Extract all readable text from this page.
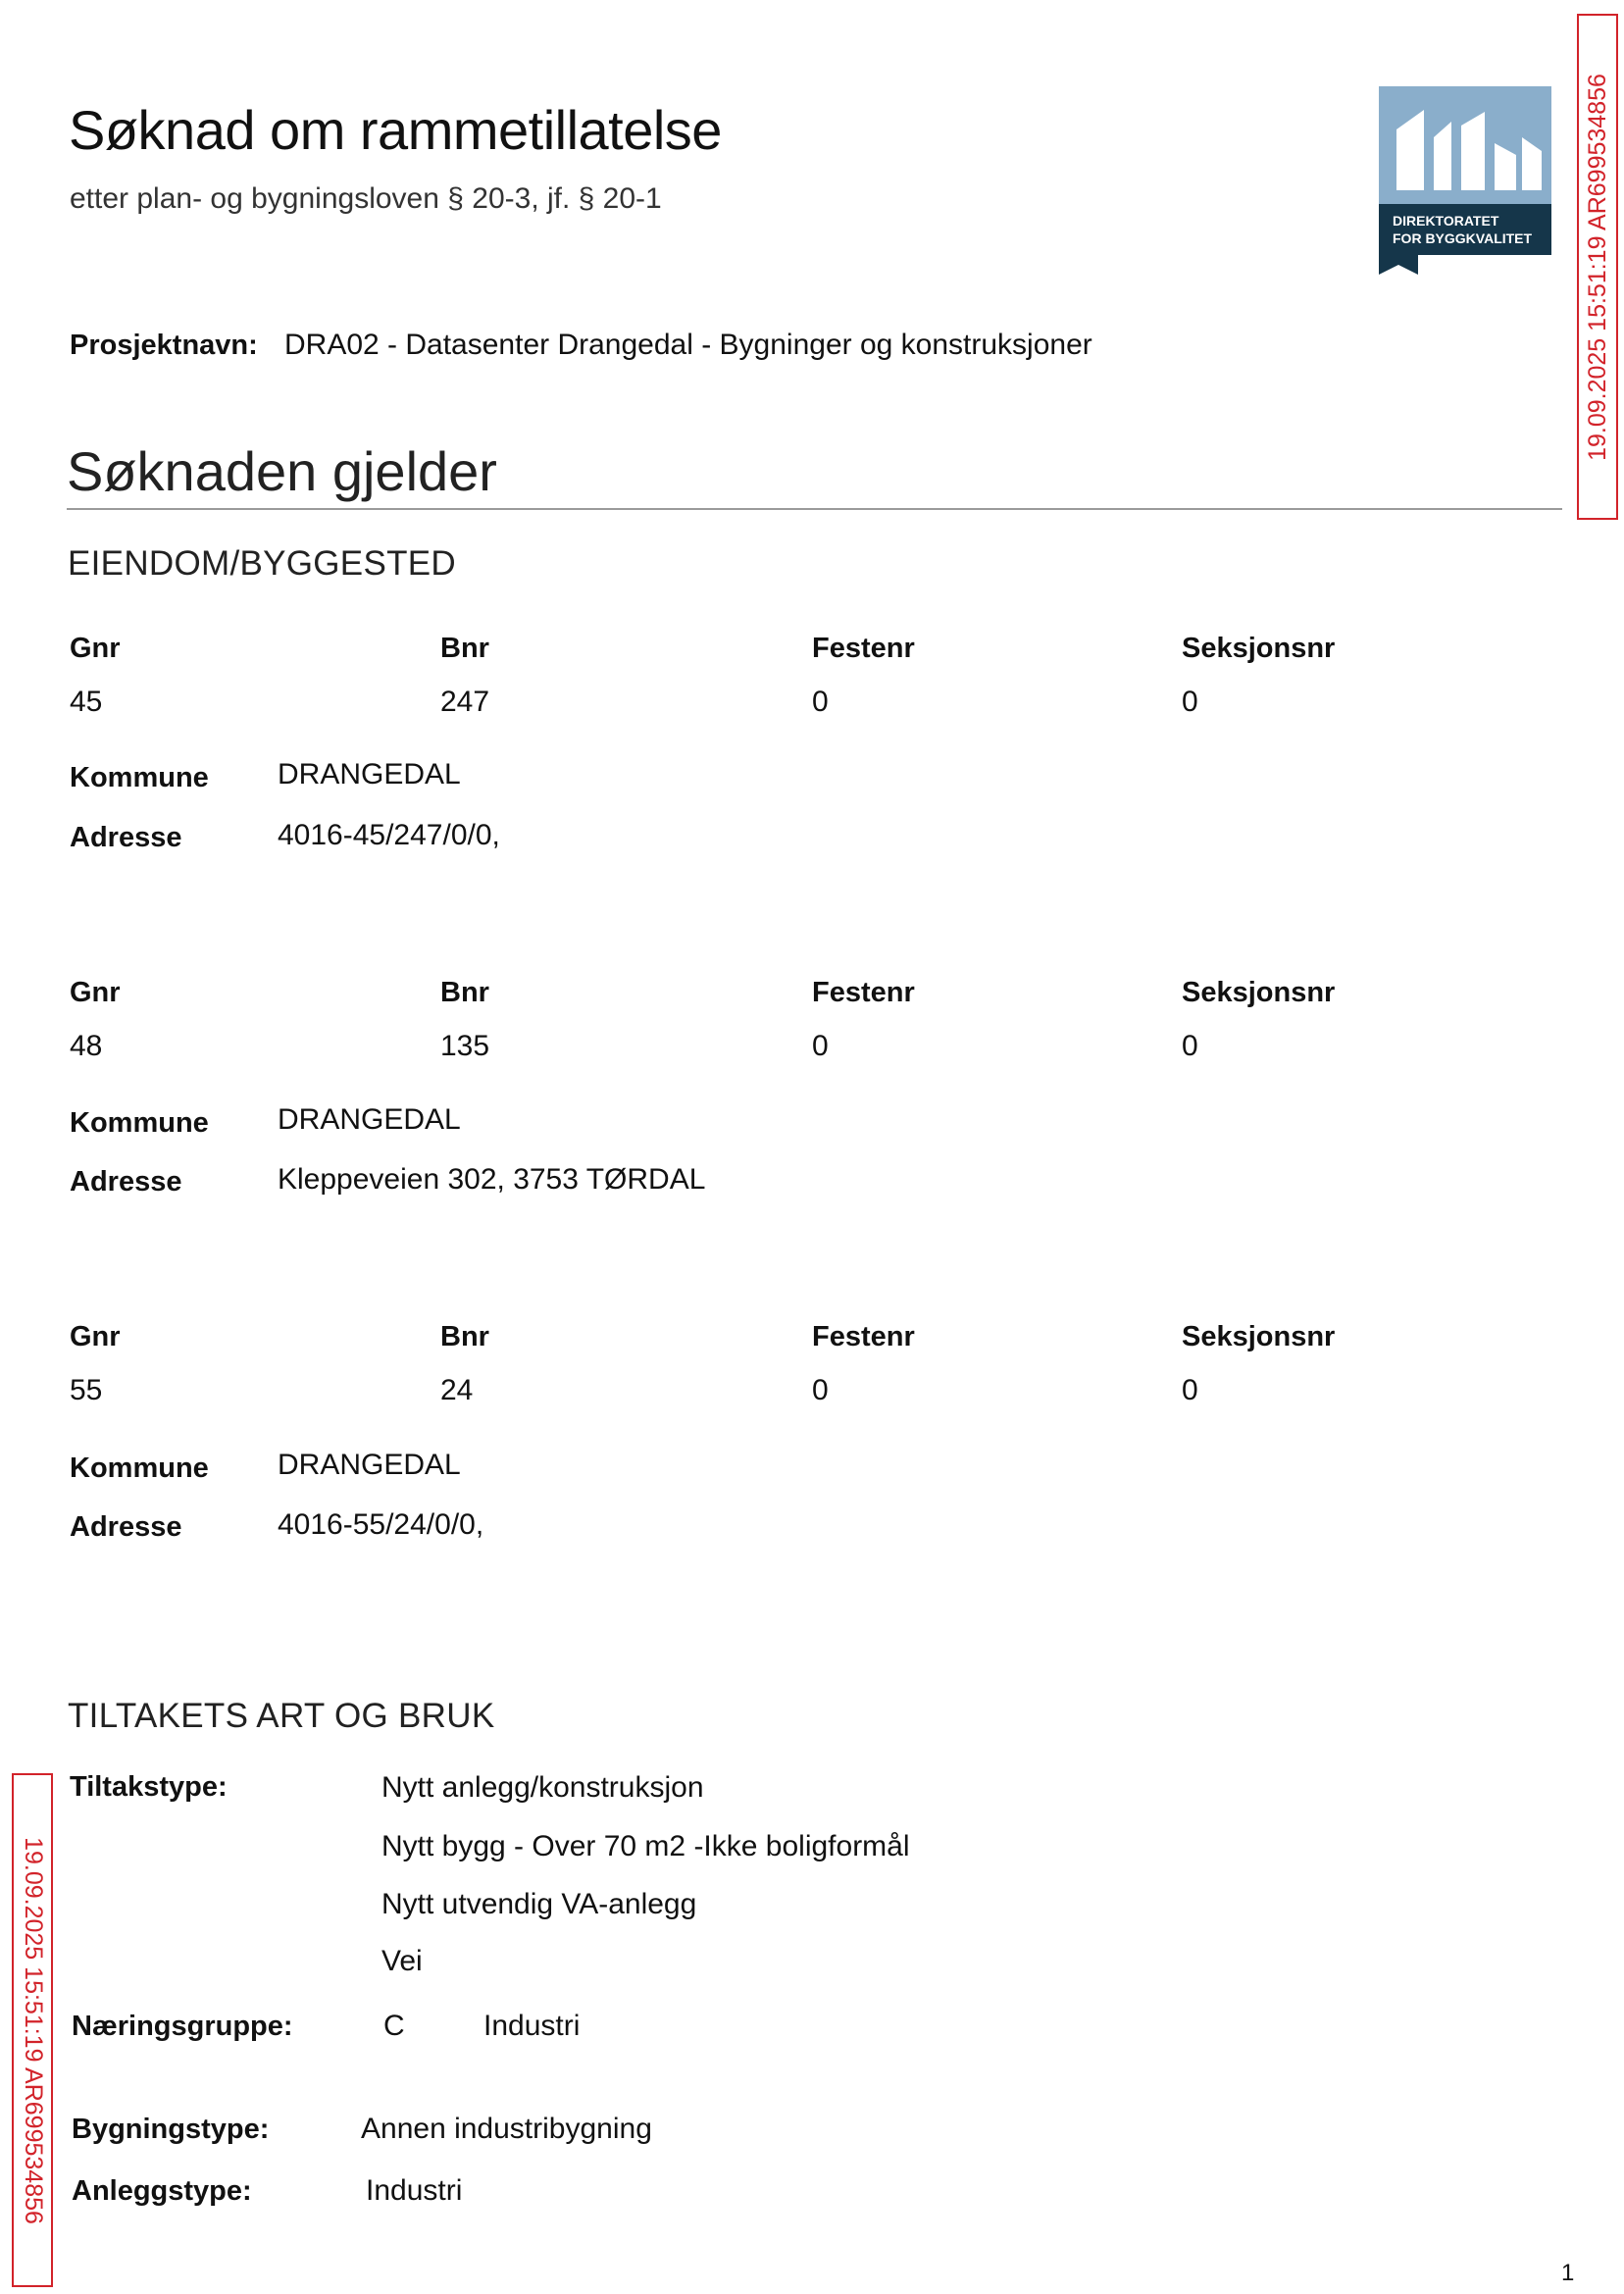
Søknad om rammetillatelse
etter plan- og bygningsloven § 20-3, jf. § 20-1
DIREKTORATET
FOR BYGGKVALITET 19.09.2025 15:51:19 AR699534856
Prosjektnavn: DRA02 - Datasenter Drangedal - Bygninger og konstruksjoner
Søknaden gjelder
EIENDOM/BYGGESTED
Gnr	Bnr	Festenr	Seksjonsnr
45	247	0	0
Kommune DRANGEDAL
Adresse	4016-45/247/0/0,
Gnr	Bnr	Festenr	Seksjonsnr
48	135	0	0
Kommune DRANGEDAL
Adresse	Kleppeveien 302, 3753 TØRDAL
Gnr	Bnr	Festenr	Seksjonsnr
55	24	0	0
Kommune DRANGEDAL
Adresse	4016-55/24/0/0,
TILTAKETS ART OG BRUK
Tiltakstype:	Nytt anlegg/konstruksjon
Nytt bygg - Over 70 m2 -Ikke boligformål
Nytt utvendig VA-anlegg
Vei
Næringsgruppe:	C	Industri
Bygningstype:	Annen industribygning
Anleggstype:	Industri
19.09.2025 15:51:19 AR699534856
1
